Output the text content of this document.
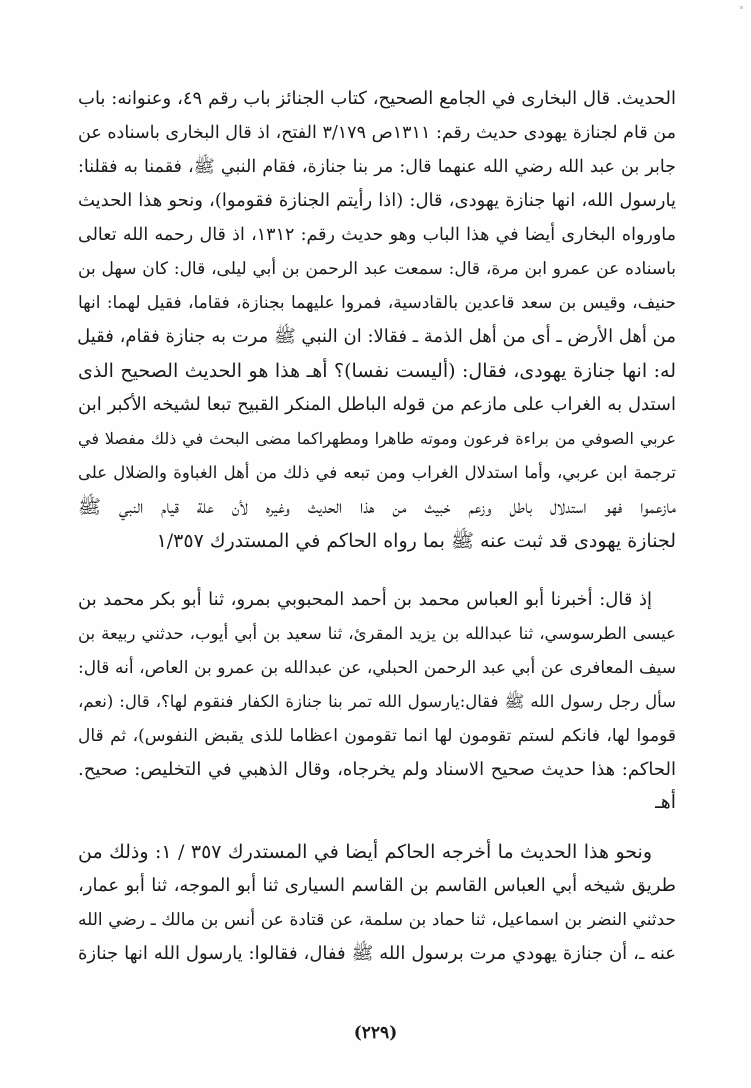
الحديث. قال البخارى في الجامع الصحيح، كتاب الجنائز باب رقم ٤٩، وعنوانه: باب
من قام لجنازة يهودى حديث رقم: ١٣١١ص ٣/١٧٩ الفتح، اذ قال البخارى باسناده عن
جابر بن عبد الله رضي الله عنهما قال: مر بنا جنازة، فقام النبي ﷺ، فقمنا به فقلنا:
يارسول الله، انها جنازة يهودى، قال: (اذا رأيتم الجنازة فقوموا)، ونحو هذا الحديث
ماورواه البخارى أيضا في هذا الباب وهو حديث رقم: ١٣١٢، اذ قال رحمه الله تعالى
باسناده عن عمرو ابن مرة، قال: سمعت عبد الرحمن بن أبي ليلى، قال: كان سهل بن
حنيف، وقيس بن سعد قاعدين بالقادسية، فمروا عليهما بجنازة، فقاما، فقيل لهما: انها
من أهل الأرض ـ أى من أهل الذمة ـ فقالا: ان النبي ﷺ مرت به جنازة فقام، فقيل
له: انها جنازة يهودى، فقال: (أليست نفسا)؟ أهـ هذا هو الحديث الصحيح الذى
استدل به الغراب على مازعم من قوله الباطل المنكر القبيح تبعا لشيخه الأكبر ابن
عربي الصوفي من براءة فرعون وموته طاهرا ومطهراكما مضى البحث في ذلك مفصلا في
ترجمة ابن عربي، وأما استدلال الغراب ومن تبعه في ذلك من أهل الغباوة والضلال على
مازعموا فهو استدلال باطل وزعم خبيث من هذا الحديث وغيره لأن علة قيام النبي ﷺ
لجنازة يهودى قد ثبت عنه ﷺ بما رواه الحاكم في المستدرك ١/٣٥٧
إذ قال: أخبرنا أبو العباس محمد بن أحمد المحبوبي بمرو، ثنا أبو بكر محمد بن
عيسى الطرسوسي، ثنا عبدالله بن يزيد المقرئ، ثنا سعيد بن أبي أيوب، حدثني ربيعة بن
سيف المعافرى عن أبي عبد الرحمن الحبلي، عن عبدالله بن عمرو بن العاص، أنه قال:
سأل رجل رسول الله ﷺ فقال:يارسول الله تمر بنا جنازة الكفار فنقوم لها؟، قال: (نعم،
قوموا لها، فانكم لستم تقومون لها انما تقومون اعظاما للذى يقبض النفوس)، ثم قال
الحاكم: هذا حديث صحيح الاسناد ولم يخرجاه، وقال الذهبي في التخليص: صحيح.
أهـ
ونحو هذا الحديث ما أخرجه الحاكم أيضا في المستدرك ٣٥٧ / ١: وذلك من
طريق شيخه أبي العباس القاسم بن القاسم السيارى ثنا أبو الموجه، ثنا أبو عمار،
حدثني النضر بن اسماعيل، ثنا حماد بن سلمة، عن قتادة عن أنس بن مالك ـ رضي الله
عنه ـ، أن جنازة يهودي مرت برسول الله ﷺ ففال، فقالوا: يارسول الله انها جنازة
(٢٢٩)
